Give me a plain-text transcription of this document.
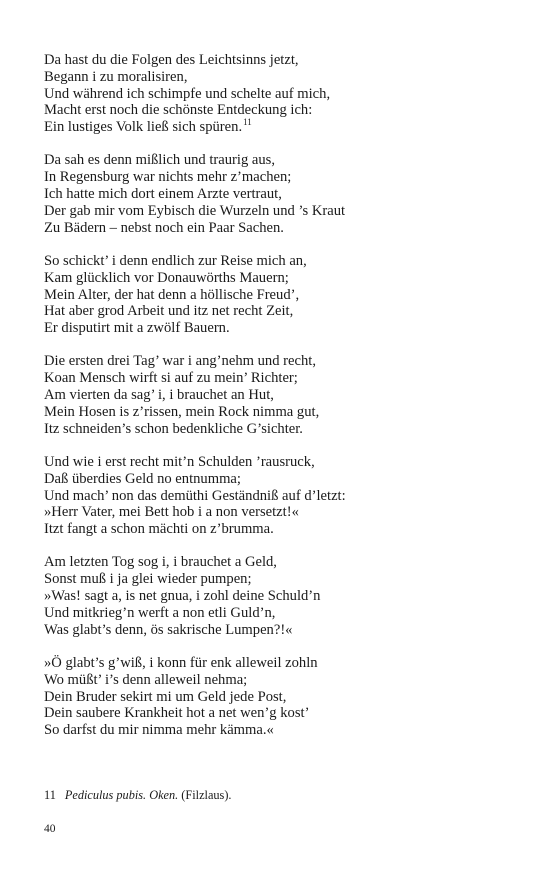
Da hast du die Folgen des Leichtsinns jetzt,
Begann i zu moralisiren,
Und während ich schimpfe und schelte auf mich,
Macht erst noch die schönste Entdeckung ich:
Ein lustiges Volk ließ sich spüren.$^{11}$
Da sah es denn mißlich und traurig aus,
In Regensburg war nichts mehr z’machen;
Ich hatte mich dort einem Arzte vertraut,
Der gab mir vom Eybisch die Wurzeln und ’s Kraut
Zu Bädern – nebst noch ein Paar Sachen.
So schickt’ i denn endlich zur Reise mich an,
Kam glücklich vor Donauwörths Mauern;
Mein Alter, der hat denn a höllische Freud’,
Hat aber grod Arbeit und itz net recht Zeit,
Er disputirt mit a zwölf Bauern.
Die ersten drei Tag’ war i ang’nehm und recht,
Koan Mensch wirft si auf zu mein’ Richter;
Am vierten da sag’ i, i brauchet an Hut,
Mein Hosen is z’rissen, mein Rock nimma gut,
Itz schneiden’s schon bedenkliche G’sichter.
Und wie i erst recht mit’n Schulden ’rausruck,
Daß überdies Geld no entnumma;
Und mach’ non das demüthi Geständniß auf d’letzt:
»Herr Vater, mei Bett hob i a non versetzt!«
Itzt fangt a schon mächti on z’brumma.
Am letzten Tog sog i, i brauchet a Geld,
Sonst muß i ja glei wieder pumpen;
»Was! sagt a, is net gnua, i zohl deine Schuld’n
Und mitkrieg’n werft a non etli Guld’n,
Was glabt’s denn, ös sakrische Lumpen?!«
»Ö glabt’s g’wiß, i konn für enk alleweil zohln
Wo müßt’ i’s denn alleweil nehma;
Dein Bruder sekirt mi um Geld jede Post,
Dein saubere Krankheit hot a net wen’g kost’
So darfst du mir nimma mehr kämma.«
11 Pediculus pubis. Oken. (Filzlaus).
40
